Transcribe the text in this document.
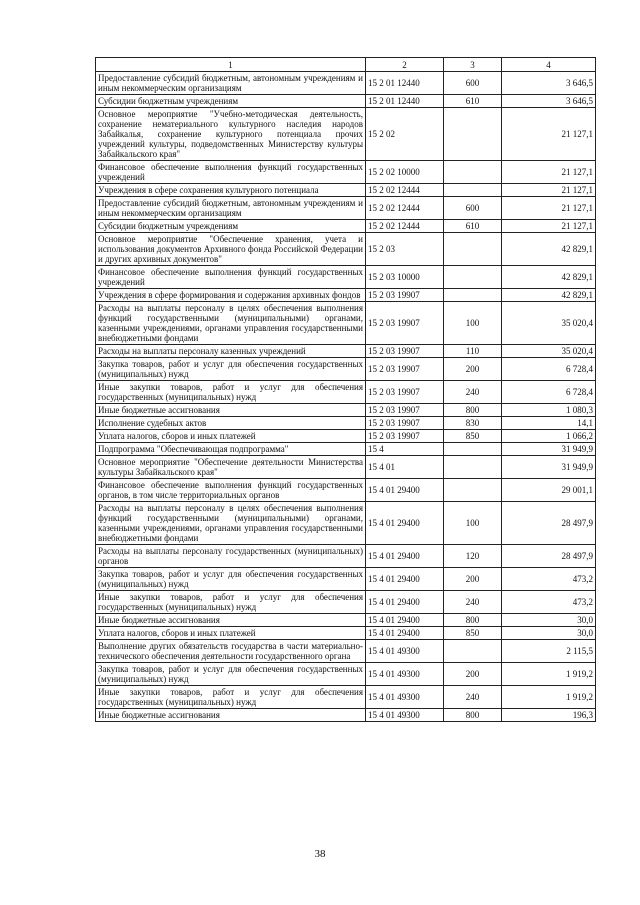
1	2	3	4
Предоставление субсидий бюджетным, автономным учреждениям и иным некоммерческим организациям	15 2 01 12440	600	3 646,5
Субсидии бюджетным учреждениям	15 2 01 12440	610	3 646,5
Основное мероприятие "Учебно-методическая деятельность, сохранение нематериального культурного наследия народов Забайкалья, сохранение культурного потенциала прочих учреждений культуры, подведомственных Министерству культуры Забайкальского края"	15 2 02		21 127,1
Финансовое обеспечение выполнения функций государственных учреждений	15 2 02 10000		21 127,1
Учреждения в сфере сохранения культурного потенциала	15 2 02 12444		21 127,1
Предоставление субсидий бюджетным, автономным учреждениям и иным некоммерческим организациям	15 2 02 12444	600	21 127,1
Субсидии бюджетным учреждениям	15 2 02 12444	610	21 127,1
Основное мероприятие "Обеспечение хранения, учета и использования документов Архивного фонда Российской Федерации и других архивных документов"	15 2 03		42 829,1
Финансовое обеспечение выполнения функций государственных учреждений	15 2 03 10000		42 829,1
Учреждения в сфере формирования и содержания архивных фондов	15 2 03 19907		42 829,1
Расходы на выплаты персоналу в целях обеспечения выполнения функций государственными (муниципальными) органами, казенными учреждениями, органами управления государственными внебюджетными фондами	15 2 03 19907	100	35 020,4
Расходы на выплаты персоналу казенных учреждений	15 2 03 19907	110	35 020,4
Закупка товаров, работ и услуг для обеспечения государственных (муниципальных) нужд	15 2 03 19907	200	6 728,4
Иные закупки товаров, работ и услуг для обеспечения государственных (муниципальных) нужд	15 2 03 19907	240	6 728,4
Иные бюджетные ассигнования	15 2 03 19907	800	1 080,3
Исполнение судебных актов	15 2 03 19907	830	14,1
Уплата налогов, сборов и иных платежей	15 2 03 19907	850	1 066,2
Подпрограмма "Обеспечивающая подпрограмма"	15 4		31 949,9
Основное мероприятие "Обеспечение деятельности Министерства культуры Забайкальского края"	15 4 01		31 949,9
Финансовое обеспечение выполнения функций государственных органов, в том числе территориальных органов	15 4 01 29400		29 001,1
Расходы на выплаты персоналу в целях обеспечения выполнения функций государственными (муниципальными) органами, казенными учреждениями, органами управления государственными внебюджетными фондами	15 4 01 29400	100	28 497,9
Расходы на выплаты персоналу государственных (муниципальных) органов	15 4 01 29400	120	28 497,9
Закупка товаров, работ и услуг для обеспечения государственных (муниципальных) нужд	15 4 01 29400	200	473,2
Иные закупки товаров, работ и услуг для обеспечения государственных (муниципальных) нужд	15 4 01 29400	240	473,2
Иные бюджетные ассигнования	15 4 01 29400	800	30,0
Уплата налогов, сборов и иных платежей	15 4 01 29400	850	30,0
Выполнение других обязательств государства в части материально-технического обеспечения деятельности государственного органа	15 4 01 49300		2 115,5
Закупка товаров, работ и услуг для обеспечения государственных (муниципальных) нужд	15 4 01 49300	200	1 919,2
Иные закупки товаров, работ и услуг для обеспечения государственных (муниципальных) нужд	15 4 01 49300	240	1 919,2
Иные бюджетные ассигнования	15 4 01 49300	800	196,3
38
